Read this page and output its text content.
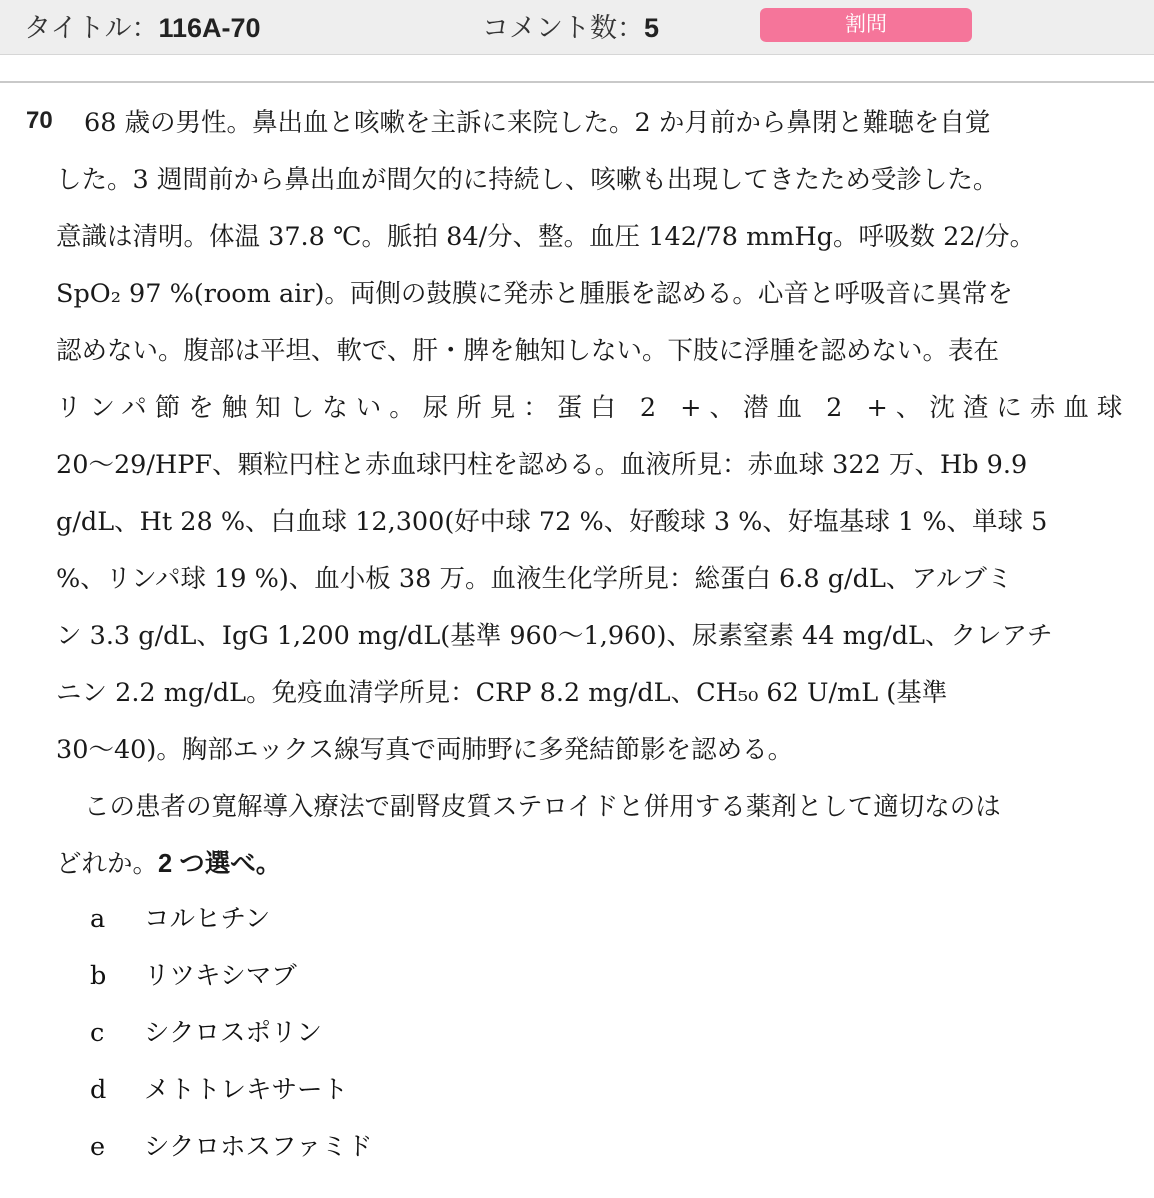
タイトル：116A-70	コメント数：5	割問
70 68 歳の男性。鼻出血と咳嗽を主訴に来院した。2 か月前から鼻閉と難聴を自覚
した。3 週間前から鼻出血が間欠的に持続し、咳嗽も出現してきたため受診した。
意識は清明。体温 37.8 ℃。脈拍 84/分、整。血圧 142/78 mmHg。呼吸数 22/分。
SpO₂ 97 %(room air)。両側の鼓膜に発赤と腫脹を認める。心音と呼吸音に異常を
認めない。腹部は平坦、軟で、肝・脾を触知しない。下肢に浮腫を認めない。表在
リンパ節を触知しない。尿所見：蛋白 2 +、潜血 2 +、沈渣に赤血球
20〜29/HPF、顆粒円柱と赤血球円柱を認める。血液所見：赤血球 322 万、Hb 9.9
g/dL、Ht 28 %、白血球 12,300(好中球 72 %、好酸球 3 %、好塩基球 1 %、単球 5
%、リンパ球 19 %)、血小板 38 万。血液生化学所見：総蛋白 6.8 g/dL、アルブミ
ン 3.3 g/dL、IgG 1,200 mg/dL(基準 960〜1,960)、尿素窒素 44 mg/dL、クレアチ
ニン 2.2 mg/dL。免疫血清学所見：CRP 8.2 mg/dL、CH₅₀ 62 U/mL (基準
30〜40)。胸部エックス線写真で両肺野に多発結節影を認める。
この患者の寛解導入療法で副腎皮質ステロイドと併用する薬剤として適切なのは
どれか。2 つ選べ。
a コルヒチン
b リツキシマブ
c シクロスポリン
d メトトレキサート
e シクロホスファミド
